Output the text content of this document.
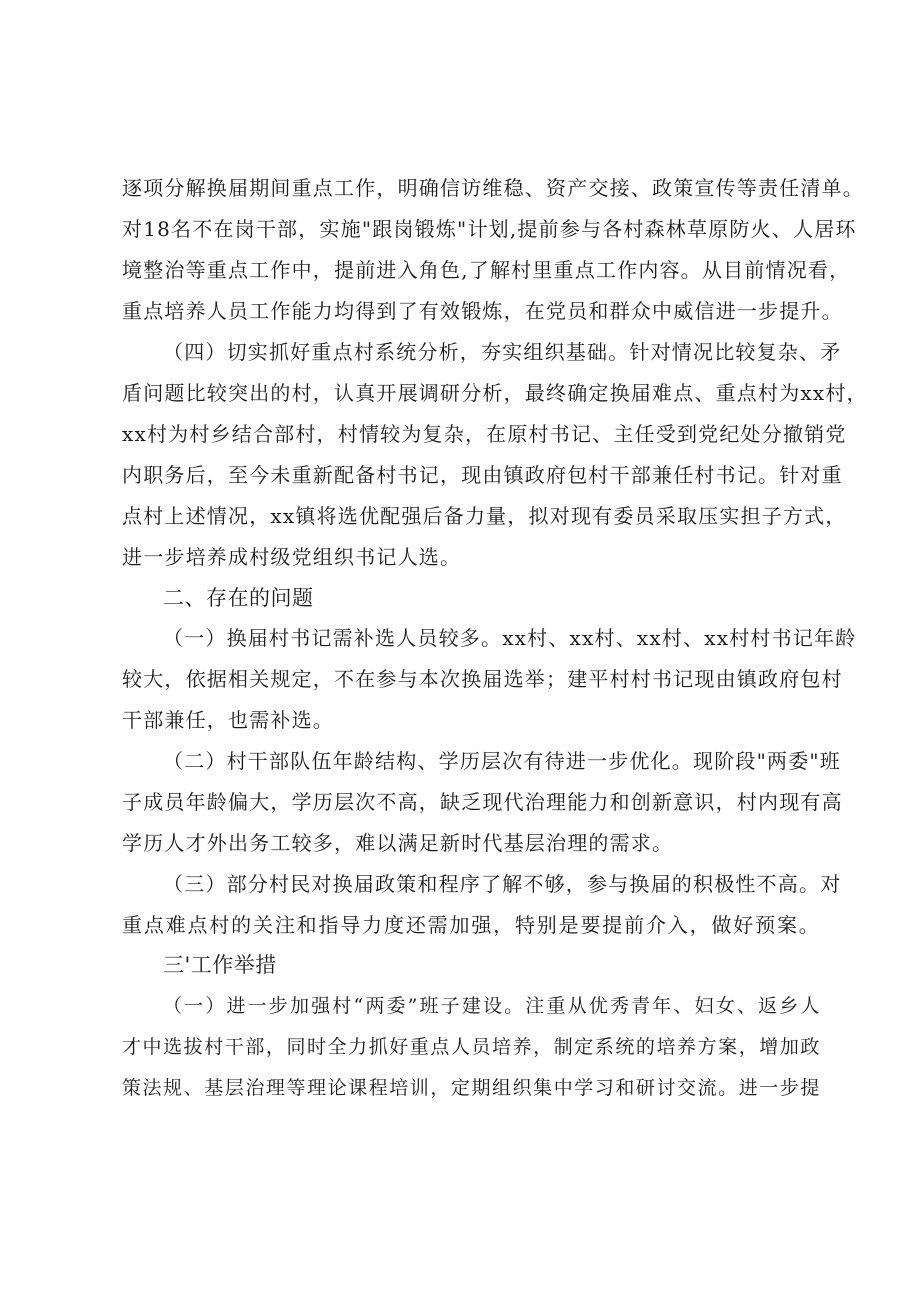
逐项分解换届期间重点工作，明确信访维稳、资产交接、政策宣传等责任清单。
对18名不在岗干部，实施"跟岗锻炼"计划,提前参与各村森林草原防火、人居环
境整治等重点工作中，提前进入角色,了解村里重点工作内容。从目前情况看，
重点培养人员工作能力均得到了有效锻炼，在党员和群众中威信进一步提升。
（四）切实抓好重点村系统分析，夯实组织基础。针对情况比较复杂、矛
盾问题比较突出的村，认真开展调研分析，最终确定换届难点、重点村为xx村，
xx村为村乡结合部村，村情较为复杂，在原村书记、主任受到党纪处分撤销党
内职务后，至今未重新配备村书记，现由镇政府包村干部兼任村书记。针对重
点村上述情况，xx镇将选优配强后备力量，拟对现有委员采取压实担子方式，
进一步培养成村级党组织书记人选。
二、存在的问题
（一）换届村书记需补选人员较多。xx村、xx村、xx村、xx村村书记年龄
较大，依据相关规定，不在参与本次换届选举；建平村村书记现由镇政府包村
干部兼任，也需补选。
（二）村干部队伍年龄结构、学历层次有待进一步优化。现阶段"两委"班
子成员年龄偏大，学历层次不高，缺乏现代治理能力和创新意识，村内现有高
学历人才外出务工较多，难以满足新时代基层治理的需求。
（三）部分村民对换届政策和程序了解不够，参与换届的积极性不高。对
重点难点村的关注和指导力度还需加强，特别是要提前介入，做好预案。
三'工作举措
（一）进一步加强村“两委”班子建设。注重从优秀青年、妇女、返乡人
才中选拔村干部，同时全力抓好重点人员培养，制定系统的培养方案，增加政
策法规、基层治理等理论课程培训，定期组织集中学习和研讨交流。进一步提
